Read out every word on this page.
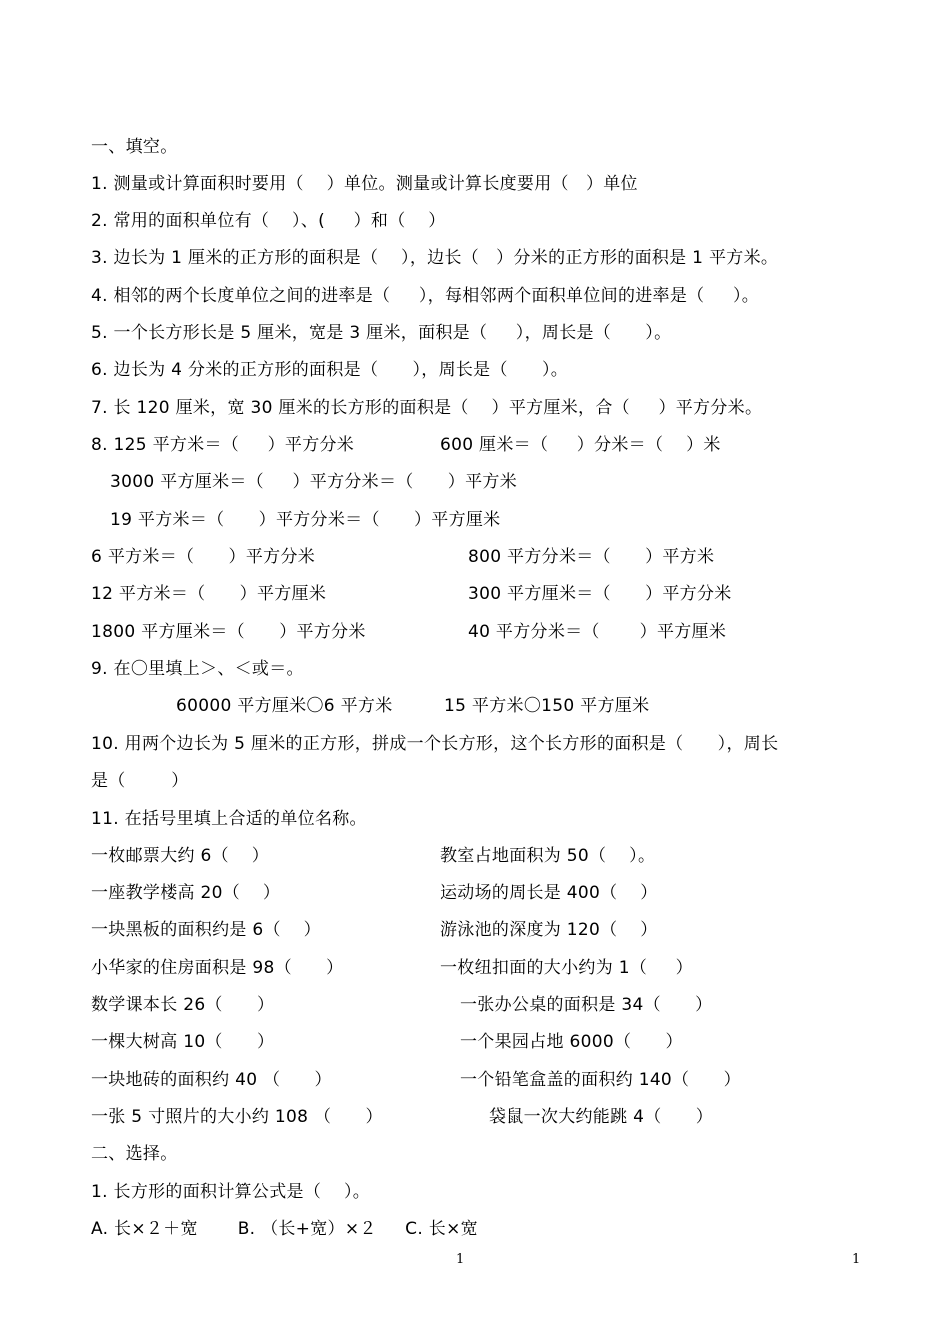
一、填空。
1. 测量或计算面积时要用（    ）单位。测量或计算长度要用（   ）单位
2. 常用的面积单位有（    ）、(     ）和（    ）
3. 边长为 1 厘米的正方形的面积是（    ），边长（   ）分米的正方形的面积是 1 平方米。
4. 相邻的两个长度单位之间的进率是（     ），每相邻两个面积单位间的进率是（     ）。
5. 一个长方形长是 5 厘米，宽是 3 厘米，面积是（     ），周长是（      ）。
6. 边长为 4 分米的正方形的面积是（      ），周长是（      ）。
7. 长 120 厘米，宽 30 厘米的长方形的面积是（    ）平方厘米，合（     ）平方分米。
8. 125 平方米＝（     ）平方分米	600 厘米＝（     ）分米＝（    ）米
3000 平方厘米＝（     ）平方分米＝（      ）平方米
19 平方米＝（      ）平方分米＝（      ）平方厘米
6 平方米＝（      ）平方分米	800 平方分米＝（      ）平方米
12 平方米＝（      ）平方厘米	300 平方厘米＝（      ）平方分米
1800 平方厘米＝（      ）平方分米	40 平方分米＝（       ）平方厘米
9. 在〇里填上＞、＜或＝。
60000 平方厘米〇6 平方米	15 平方米〇150 平方厘米
10. 用两个边长为 5 厘米的正方形，拼成一个长方形，这个长方形的面积是（      ），周长
是（        ）
11. 在括号里填上合适的单位名称。
一枚邮票大约 6（    ）	教室占地面积为 50（    ）。
一座教学楼高 20（    ）	运动场的周长是 400（    ）
一块黑板的面积约是 6（    ）	游泳池的深度为 120（    ）
小华家的住房面积是 98（      ）	一枚纽扣面的大小约为 1（     ）
数学课本长 26（      ）	一张办公桌的面积是 34（      ）
一棵大树高 10（      ）	一个果园占地 6000（      ）
一块地砖的面积约 40 （      ）	一个铅笔盒盖的面积约 140（      ）
一张 5 寸照片的大小约 108 （      ）	袋鼠一次大约能跳 4（      ）
二、选择。
1. 长方形的面积计算公式是（    ）。
A. 长×２＋宽       B. （长+宽）×２     C. 长×宽
1	1
